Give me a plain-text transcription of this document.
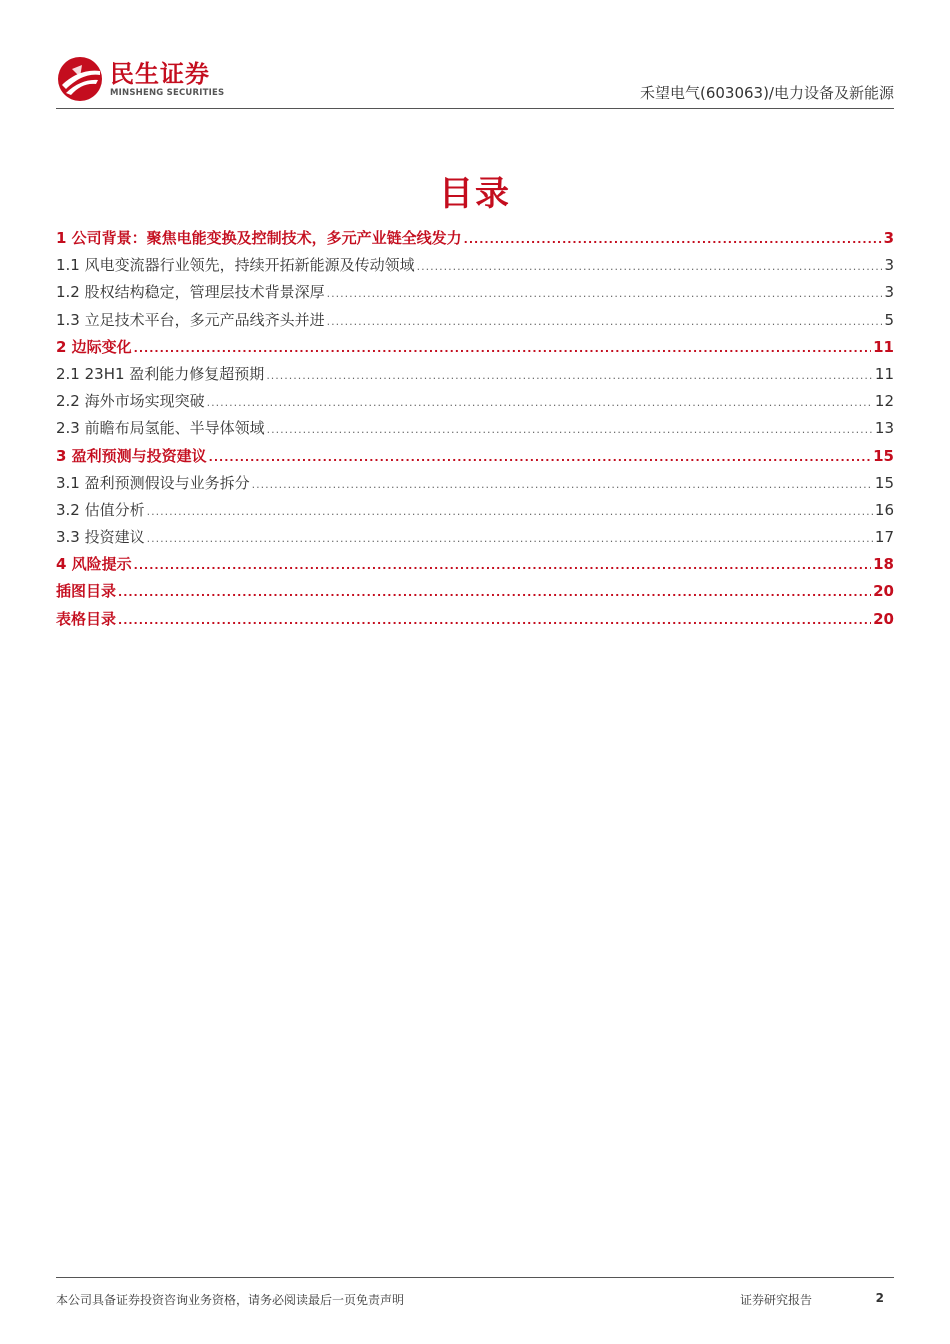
民生证券
MINSHENG SECURITIES	禾望电气(603063)/电力设备及新能源
目录
1 公司背景：聚焦电能变换及控制技术，多元产业链全线发力 .....	3
1.1 风电变流器行业领先，持续开拓新能源及传动领域 .....	3
1.2 股权结构稳定，管理层技术背景深厚 .....	3
1.3 立足技术平台，多元产品线齐头并进 .....	5
2 边际变化 .....	11
2.1 23H1 盈利能力修复超预期 .....	11
2.2 海外市场实现突破 .....	12
2.3 前瞻布局氢能、半导体领域 .....	13
3 盈利预测与投资建议 .....	15
3.1 盈利预测假设与业务拆分 .....	15
3.2 估值分析 .....	16
3.3 投资建议 .....	17
4 风险提示 .....	18
插图目录 .....	20
表格目录 .....	20
本公司具备证券投资咨询业务资格，请务必阅读最后一页免责声明	证券研究报告	2
